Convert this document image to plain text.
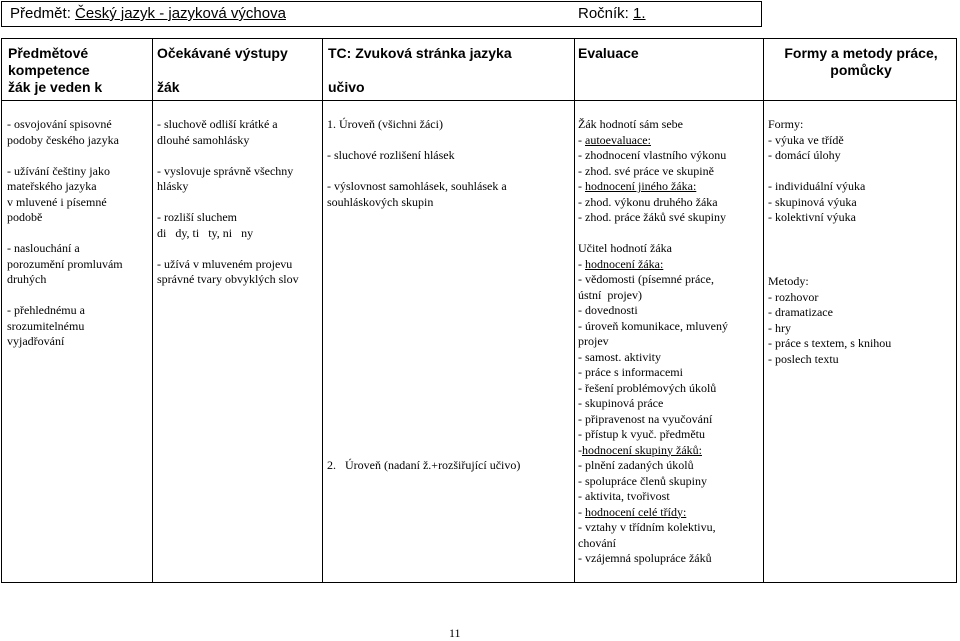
Předmět: Český jazyk - jazyková výchova	Ročník: 1.
Předmětové
kompetence
žák je veden k
Očekávané výstupy

žák
TC: Zvuková stránka jazyka

učivo
Evaluace	Formy a metody práce,
pomůcky
- osvojování spisovné
podoby českého jazyka

- užívání češtiny jako
mateřského jazyka
v mluvené i písemné
podobě

- naslouchání a
porozumění promluvám
druhých

- přehlednému a
srozumitelnému
vyjadřování
- sluchově odliší krátké a
dlouhé samohlásky

- vyslovuje správně všechny
hlásky

- rozliší sluchem
di   dy, ti   ty, ni   ny

- užívá v mluveném projevu
správné tvary obvyklých slov
1. Úroveň (všichni žáci)

- sluchové rozlišení hlásek

- výslovnost samohlásek, souhlásek a
souhláskových skupin
2.   Úroveň (nadaní ž.+rozšiřující učivo)
Žák hodnotí sám sebe
- autoevaluace:
- zhodnocení vlastního výkonu
- zhod. své práce ve skupině
- hodnocení jiného žáka:
- zhod. výkonu druhého žáka
- zhod. práce žáků své skupiny
Učitel hodnotí žáka
- hodnocení žáka:
- vědomosti (písemné práce,
ústní  projev)
- dovednosti
- úroveň komunikace, mluvený
projev
- samost. aktivity
- práce s informacemi
- řešení problémových úkolů
- skupinová práce
- připravenost na vyučování
- přístup k vyuč. předmětu
-hodnocení skupiny žáků:
- plnění zadaných úkolů
- spolupráce členů skupiny
- aktivita, tvořivost
- hodnocení celé třídy:
- vztahy v třídním kolektivu,
chování
- vzájemná spolupráce žáků
Formy:
- výuka ve třídě
- domácí úlohy

- individuální výuka
- skupinová výuka
- kolektivní výuka
Metody:
- rozhovor
- dramatizace
- hry
- práce s textem, s knihou
- poslech textu
11
